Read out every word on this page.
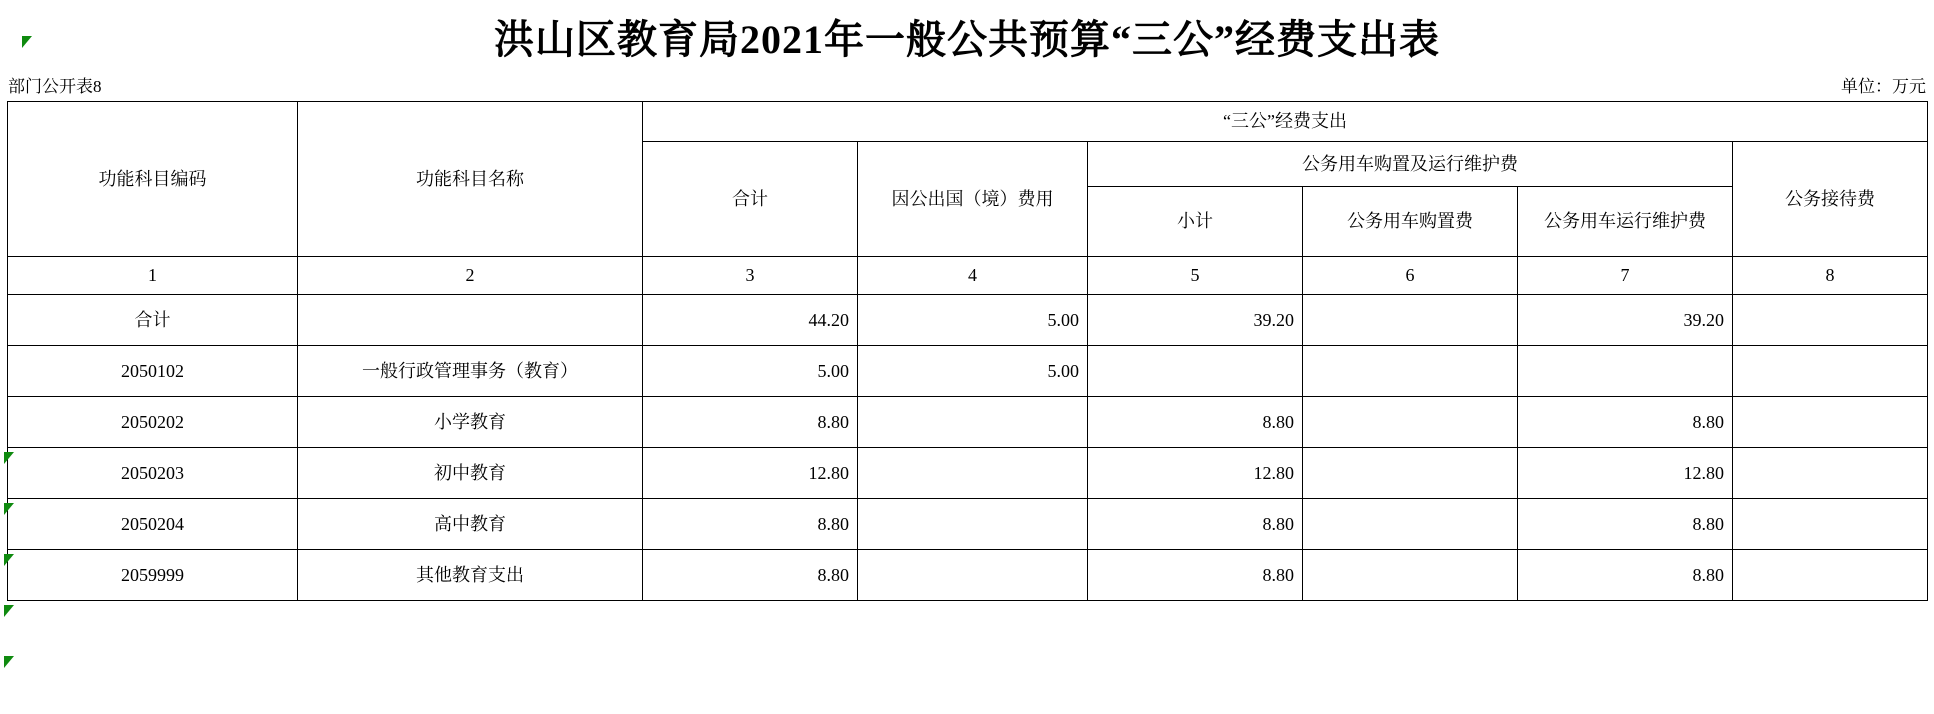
洪山区教育局2021年一般公共预算“三公”经费支出表
部门公开表8	单位：万元
功能科目编码	功能科目名称	“三公”经费支出					
		合计	因公出国（境）费用	公务用车购置及运行维护费			公务接待费
				小计	公务用车购置费	公务用车运行维护费	
1	2	3	4	5	6	7	8
合计		44.20	5.00	39.20		39.20	
2050102	一般行政管理事务（教育）	5.00	5.00				
2050202	小学教育	8.80		8.80		8.80	
2050203	初中教育	12.80		12.80		12.80	
2050204	高中教育	8.80		8.80		8.80	
2059999	其他教育支出	8.80		8.80		8.80	
